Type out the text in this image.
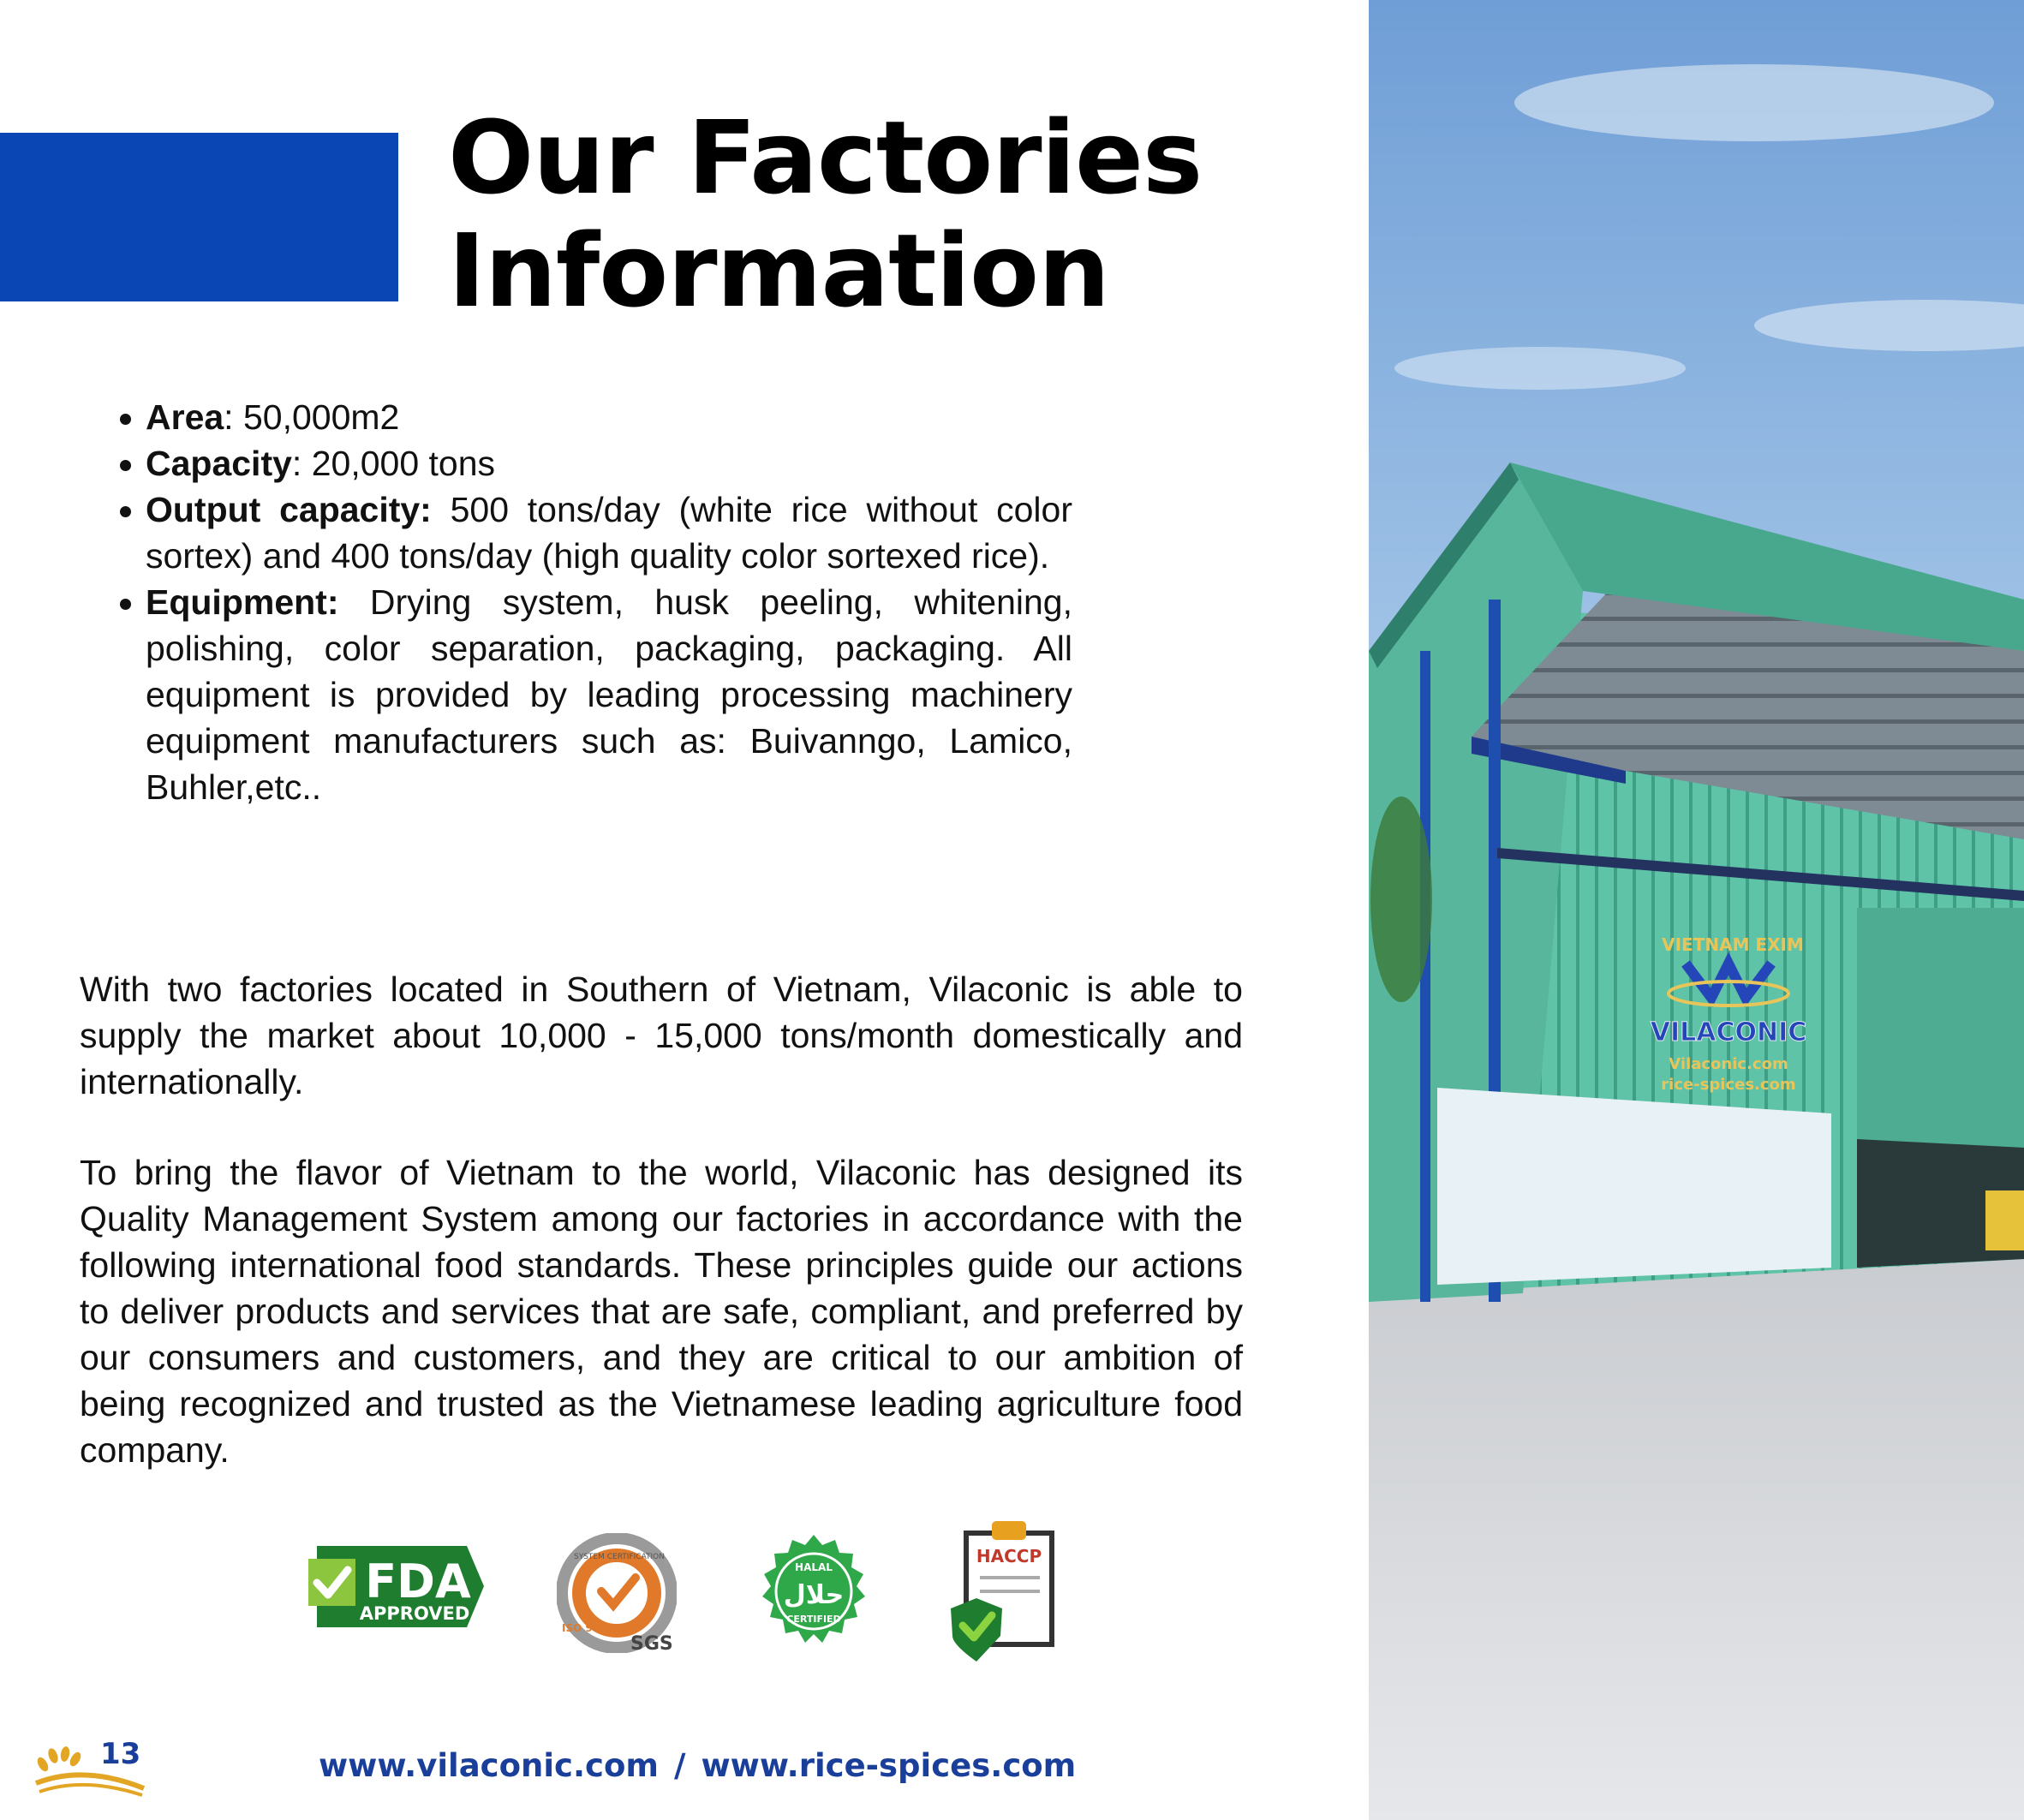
Our Factories
Information
Area: 50,000m2
Capacity: 20,000 tons
Output capacity: 500 tons/day (white rice without color sortex) and 400 tons/day (high quality color sortexed rice).
Equipment: Drying system, husk peeling, whitening, polishing, color separation, packaging, packaging. All equipment is provided by leading processing machinery equipment manufacturers such as: Buivanngo, Lamico, Buhler,etc..

With two factories located in Southern of Vietnam, Vilaconic is able to supply the market about 10,000 - 15,000 tons/month domestically and internationally.

To bring the flavor of Vietnam to the world, Vilaconic has designed its Quality Management System among our factories in accordance with the following international food standards. These principles guide our actions to deliver products and services that are safe, compliant, and preferred by our consumers and customers, and they are critical to our ambition of being recognized and trusted as the Vietnamese leading agriculture food company.

FDA
APPROVED
SYSTEM CERTIFICATION
ISO 9001
SGS
HALAL
حلال
CERTIFIED
HACCP
13	www.vilaconic.com / www.rice-spices.com
VIETNAM EXIM
VILACONIC
Vilaconic.com
rice-spices.com
